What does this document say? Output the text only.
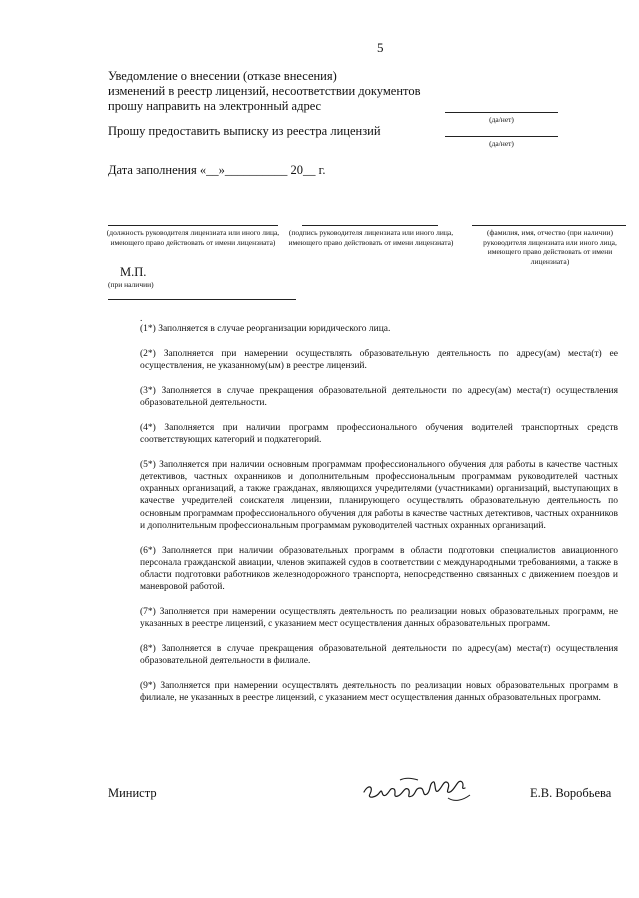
5
Уведомление о внесении (отказе внесения)
изменений в реестр лицензий, несоответствии документов
прошу направить на электронный адрес
(да/нет)
Прошу предоставить выписку из реестра лицензий
(да/нет)
Дата заполнения «__»__________ 20__ г.
(должность руководителя лицензиата или иного лица, имеющего право действовать от имени лицензиата)
(подпись руководителя лицензиата или иного лица, имеющего право действовать от имени лицензиата)
(фамилия, имя, отчество (при наличии) руководителя лицензиата или иного лица, имеющего право действовать от имени лицензиата)
М.П.
(при наличии)

.

(1*) Заполняется в случае реорганизации юридического лица.

(2*) Заполняется при намерении осуществлять образовательную деятельность по адресу(ам) места(т) ее осуществления, не указанному(ым) в реестре лицензий.

(3*) Заполняется в случае прекращения образовательной деятельности по адресу(ам) места(т) осуществления образовательной деятельности.

(4*) Заполняется при наличии программ профессионального обучения водителей транспортных средств соответствующих категорий и подкатегорий.

(5*) Заполняется при наличии основным программам профессионального обучения для работы в качестве частных детективов, частных охранников и дополнительным профессиональным программам руководителей частных охранных организаций, а также гражданах, являющихся учредителями (участниками) организаций, выступающих в качестве учредителей соискателя лицензии, планирующего осуществлять образовательную деятельность по основным программам профессионального обучения для работы в качестве частных детективов, частных охранников и дополнительным профессиональным программам руководителей частных охранных организаций.

(6*) Заполняется при наличии образовательных программ в области подготовки специалистов авиационного персонала гражданской авиации, членов экипажей судов в соответствии с международными требованиями, а также в области подготовки работников железнодорожного транспорта, непосредственно связанных с движением поездов и маневровой работой.

(7*) Заполняется при намерении осуществлять деятельность по реализации новых образовательных программ, не указанных в реестре лицензий, с указанием мест осуществления данных образовательных программ.

(8*) Заполняется в случае прекращения образовательной деятельности по адресу(ам) места(т) осуществления образовательной деятельности в филиале.

(9*) Заполняется при намерении осуществлять деятельность по реализации новых образовательных программ в филиале, не указанных в реестре лицензий, с указанием мест осуществления данных образовательных программ.

Министр	Е.В. Воробьева
